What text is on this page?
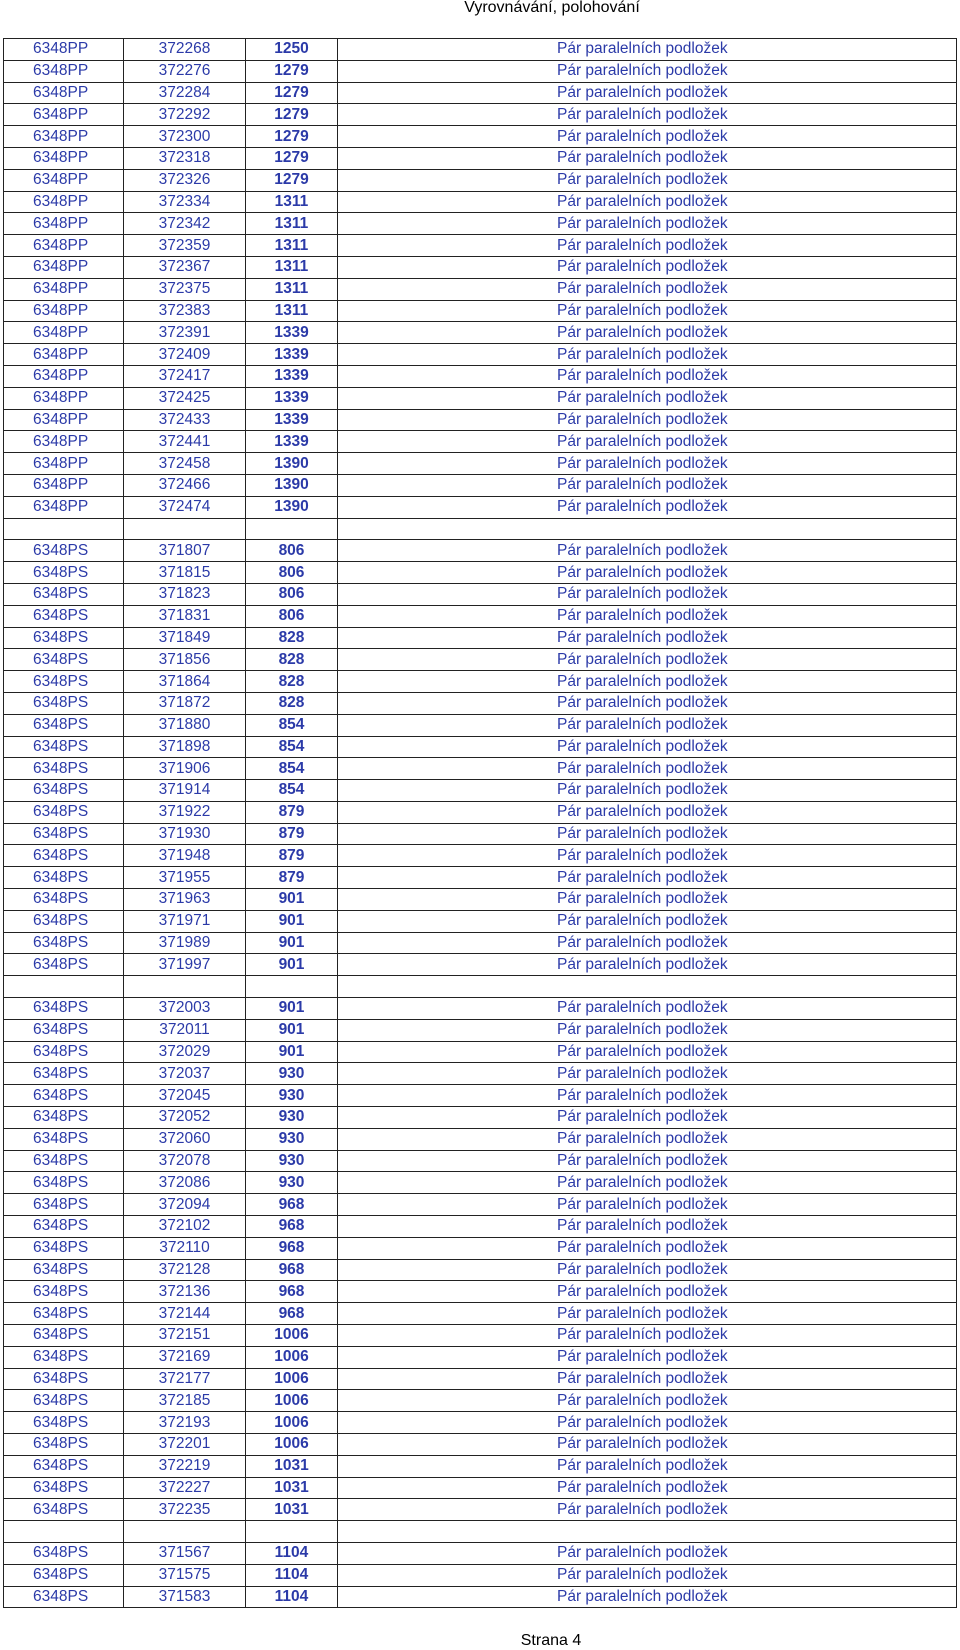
Vyrovnávání, polohování
6348PP	372268	1250	Pár paralelních podložek
6348PP	372276	1279	Pár paralelních podložek
6348PP	372284	1279	Pár paralelních podložek
6348PP	372292	1279	Pár paralelních podložek
6348PP	372300	1279	Pár paralelních podložek
6348PP	372318	1279	Pár paralelních podložek
6348PP	372326	1279	Pár paralelních podložek
6348PP	372334	1311	Pár paralelních podložek
6348PP	372342	1311	Pár paralelních podložek
6348PP	372359	1311	Pár paralelních podložek
6348PP	372367	1311	Pár paralelních podložek
6348PP	372375	1311	Pár paralelních podložek
6348PP	372383	1311	Pár paralelních podložek
6348PP	372391	1339	Pár paralelních podložek
6348PP	372409	1339	Pár paralelních podložek
6348PP	372417	1339	Pár paralelních podložek
6348PP	372425	1339	Pár paralelních podložek
6348PP	372433	1339	Pár paralelních podložek
6348PP	372441	1339	Pár paralelních podložek
6348PP	372458	1390	Pár paralelních podložek
6348PP	372466	1390	Pár paralelních podložek
6348PP	372474	1390	Pár paralelních podložek

6348PS	371807	806	Pár paralelních podložek
6348PS	371815	806	Pár paralelních podložek
6348PS	371823	806	Pár paralelních podložek
6348PS	371831	806	Pár paralelních podložek
6348PS	371849	828	Pár paralelních podložek
6348PS	371856	828	Pár paralelních podložek
6348PS	371864	828	Pár paralelních podložek
6348PS	371872	828	Pár paralelních podložek
6348PS	371880	854	Pár paralelních podložek
6348PS	371898	854	Pár paralelních podložek
6348PS	371906	854	Pár paralelních podložek
6348PS	371914	854	Pár paralelních podložek
6348PS	371922	879	Pár paralelních podložek
6348PS	371930	879	Pár paralelních podložek
6348PS	371948	879	Pár paralelních podložek
6348PS	371955	879	Pár paralelních podložek
6348PS	371963	901	Pár paralelních podložek
6348PS	371971	901	Pár paralelních podložek
6348PS	371989	901	Pár paralelních podložek
6348PS	371997	901	Pár paralelních podložek

6348PS	372003	901	Pár paralelních podložek
6348PS	372011	901	Pár paralelních podložek
6348PS	372029	901	Pár paralelních podložek
6348PS	372037	930	Pár paralelních podložek
6348PS	372045	930	Pár paralelních podložek
6348PS	372052	930	Pár paralelních podložek
6348PS	372060	930	Pár paralelních podložek
6348PS	372078	930	Pár paralelních podložek
6348PS	372086	930	Pár paralelních podložek
6348PS	372094	968	Pár paralelních podložek
6348PS	372102	968	Pár paralelních podložek
6348PS	372110	968	Pár paralelních podložek
6348PS	372128	968	Pár paralelních podložek
6348PS	372136	968	Pár paralelních podložek
6348PS	372144	968	Pár paralelních podložek
6348PS	372151	1006	Pár paralelních podložek
6348PS	372169	1006	Pár paralelních podložek
6348PS	372177	1006	Pár paralelních podložek
6348PS	372185	1006	Pár paralelních podložek
6348PS	372193	1006	Pár paralelních podložek
6348PS	372201	1006	Pár paralelních podložek
6348PS	372219	1031	Pár paralelních podložek
6348PS	372227	1031	Pár paralelních podložek
6348PS	372235	1031	Pár paralelních podložek

6348PS	371567	1104	Pár paralelních podložek
6348PS	371575	1104	Pár paralelních podložek
6348PS	371583	1104	Pár paralelních podložek
Strana 4
